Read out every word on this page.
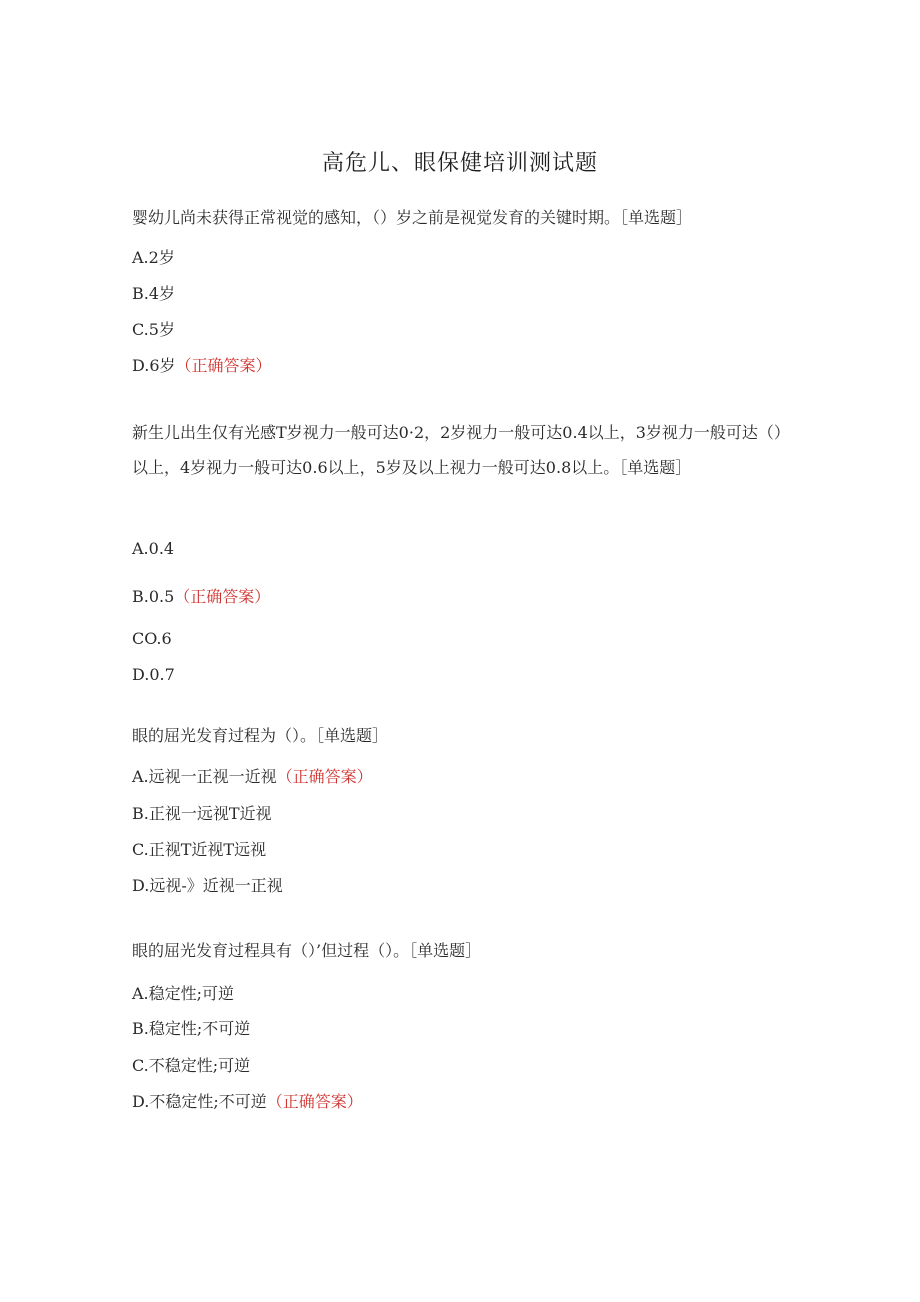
高危儿、眼保健培训测试题
婴幼儿尚未获得正常视觉的感知，（）岁之前是视觉发育的关键时期。［单选题］
A.2岁
B.4岁
C.5岁
D.6岁（正确答案）
新生儿出生仅有光感T岁视力一般可达0·2，2岁视力一般可达0.4以上，3岁视力一般可达（）以上，4岁视力一般可达0.6以上，5岁及以上视力一般可达0.8以上。［单选题］
A.0.4
B.0.5（正确答案）
CO.6
D.0.7
眼的屈光发育过程为（）。［单选题］
A.远视一正视一近视（正确答案）
B.正视一远视T近视
C.正视T近视T远视
D.远视-》近视一正视
眼的屈光发育过程具有（）’但过程（）。［单选题］
A.稳定性;可逆
B.稳定性;不可逆
C.不稳定性;可逆
D.不稳定性;不可逆（正确答案）
